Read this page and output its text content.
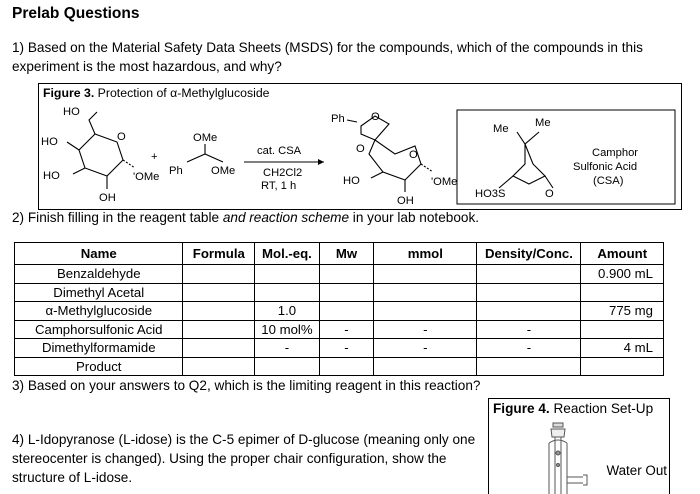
Prelab Questions
1) Based on the Material Safety Data Sheets (MSDS) for the compounds, which of the compounds in this experiment is the most hazardous, and why?
Figure 3. Protection of α-Methylglucoside
HO
HO	O
HO	'OMe
OH
+
OMe
Ph	OMe
cat. CSA
CH2Cl2
RT, 1 h
Ph O
O	O
HO	'OMe
OH
Me Me
HO3S	O
Camphor
Sulfonic Acid
(CSA)
2) Finish filling in the reagent table and reaction scheme in your lab notebook.
Name	Formula	Mol.-eq.	Mw	mmol	Density/Conc.	Amount
Benzaldehyde						0.900 mL
Dimethyl Acetal						
α-Methylglucoside		1.0				775 mg
Camphorsulfonic Acid		10 mol%	-	-	-	
Dimethylformamide		-	-	-	-	4 mL
Product						
3) Based on your answers to Q2, which is the limiting reagent in this reaction?
4) L-Idopyranose (L-idose) is the C-5 epimer of D-glucose (meaning only one stereocenter is changed). Using the proper chair configuration, show the structure of L-idose.
Figure 4. Reaction Set-Up
Water Out
